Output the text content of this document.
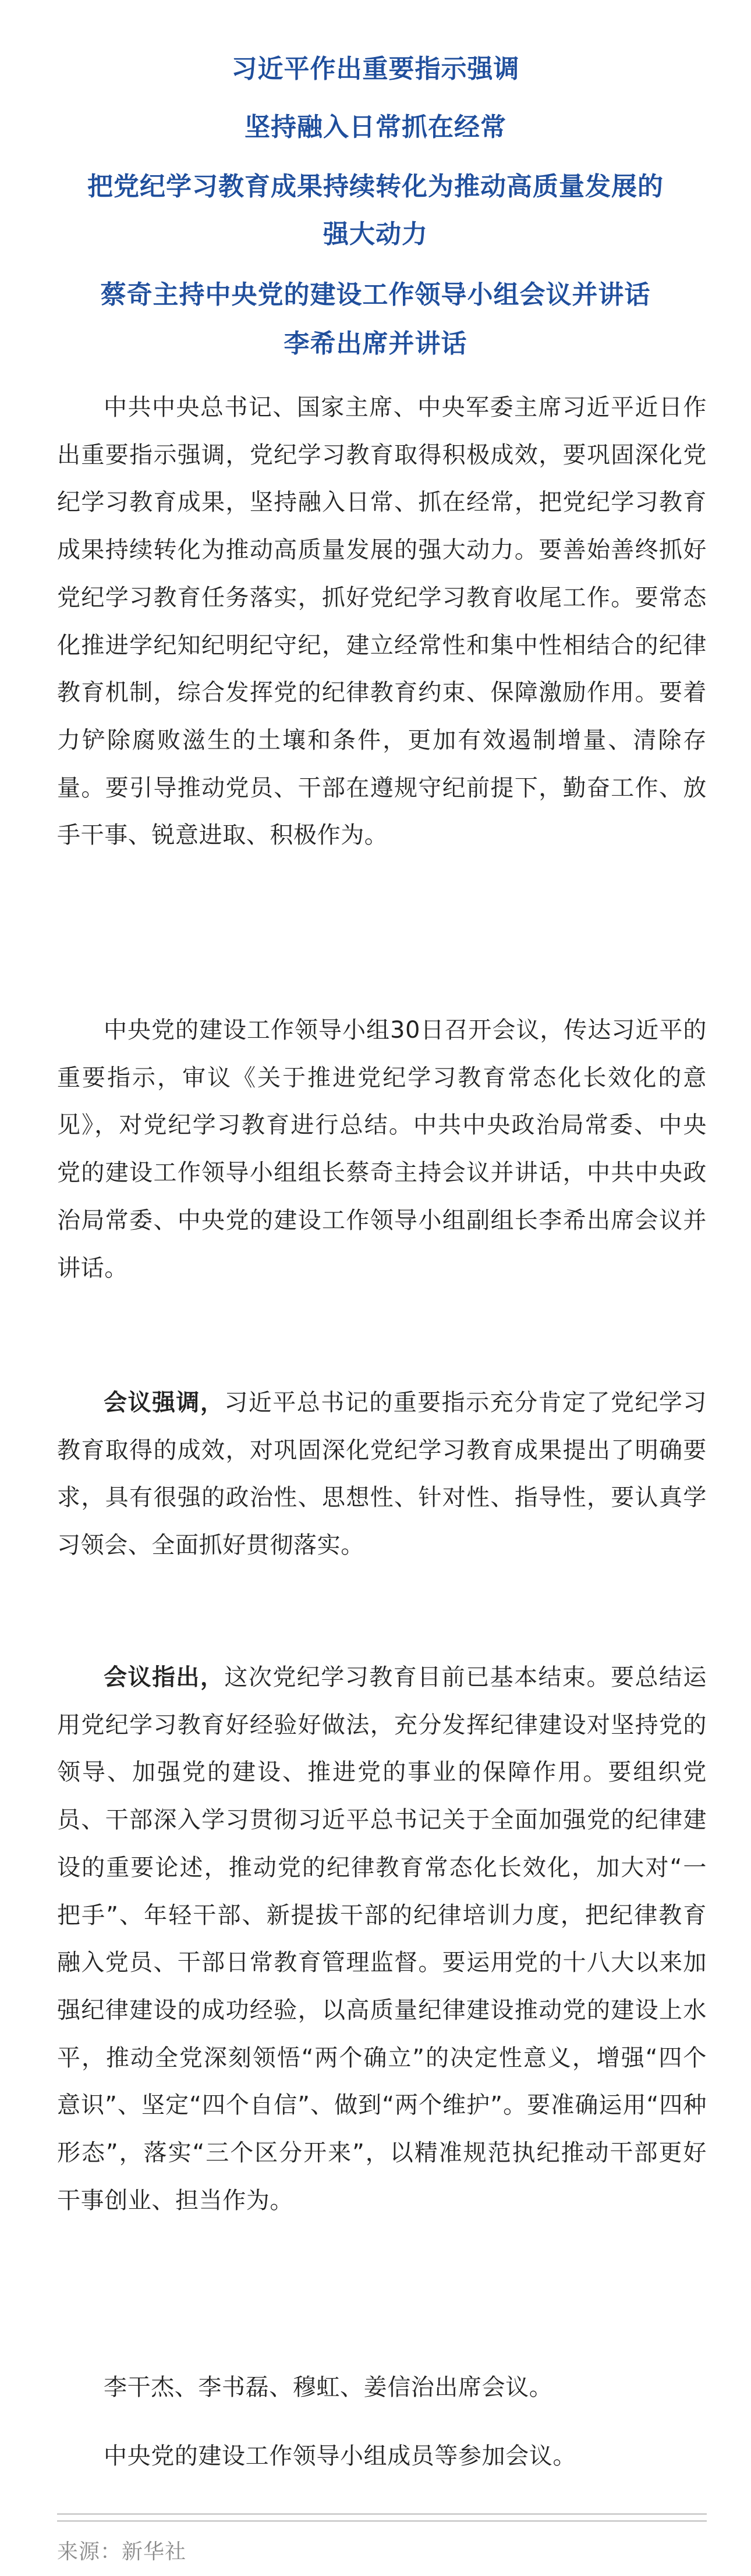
习近平作出重要指示强调
坚持融入日常抓在经常
把党纪学习教育成果持续转化为推动高质量发展的
强大动力
蔡奇主持中央党的建设工作领导小组会议并讲话
李希出席并讲话

中共中央总书记、国家主席、中央军委主席习近平近日作出重要指示强调，党纪学习教育取得积极成效，要巩固深化党纪学习教育成果，坚持融入日常、抓在经常，把党纪学习教育成果持续转化为推动高质量发展的强大动力。要善始善终抓好党纪学习教育任务落实，抓好党纪学习教育收尾工作。要常态化推进学纪知纪明纪守纪，建立经常性和集中性相结合的纪律教育机制，综合发挥党的纪律教育约束、保障激励作用。要着力铲除腐败滋生的土壤和条件，更加有效遏制增量、清除存量。要引导推动党员、干部在遵规守纪前提下，勤奋工作、放手干事、锐意进取、积极作为。

中央党的建设工作领导小组30日召开会议，传达习近平的重要指示，审议《关于推进党纪学习教育常态化长效化的意见》，对党纪学习教育进行总结。中共中央政治局常委、中央党的建设工作领导小组组长蔡奇主持会议并讲话，中共中央政治局常委、中央党的建设工作领导小组副组长李希出席会议并讲话。

会议强调，习近平总书记的重要指示充分肯定了党纪学习教育取得的成效，对巩固深化党纪学习教育成果提出了明确要求，具有很强的政治性、思想性、针对性、指导性，要认真学习领会、全面抓好贯彻落实。

会议指出，这次党纪学习教育目前已基本结束。要总结运用党纪学习教育好经验好做法，充分发挥纪律建设对坚持党的领导、加强党的建设、推进党的事业的保障作用。要组织党员、干部深入学习贯彻习近平总书记关于全面加强党的纪律建设的重要论述，推动党的纪律教育常态化长效化，加大对“一把手”、年轻干部、新提拔干部的纪律培训力度，把纪律教育融入党员、干部日常教育管理监督。要运用党的十八大以来加强纪律建设的成功经验，以高质量纪律建设推动党的建设上水平，推动全党深刻领悟“两个确立”的决定性意义，增强“四个意识”、坚定“四个自信”、做到“两个维护”。要准确运用“四种形态”，落实“三个区分开来”，以精准规范执纪推动干部更好干事创业、担当作为。

李干杰、李书磊、穆虹、姜信治出席会议。

中央党的建设工作领导小组成员等参加会议。

来源：新华社
